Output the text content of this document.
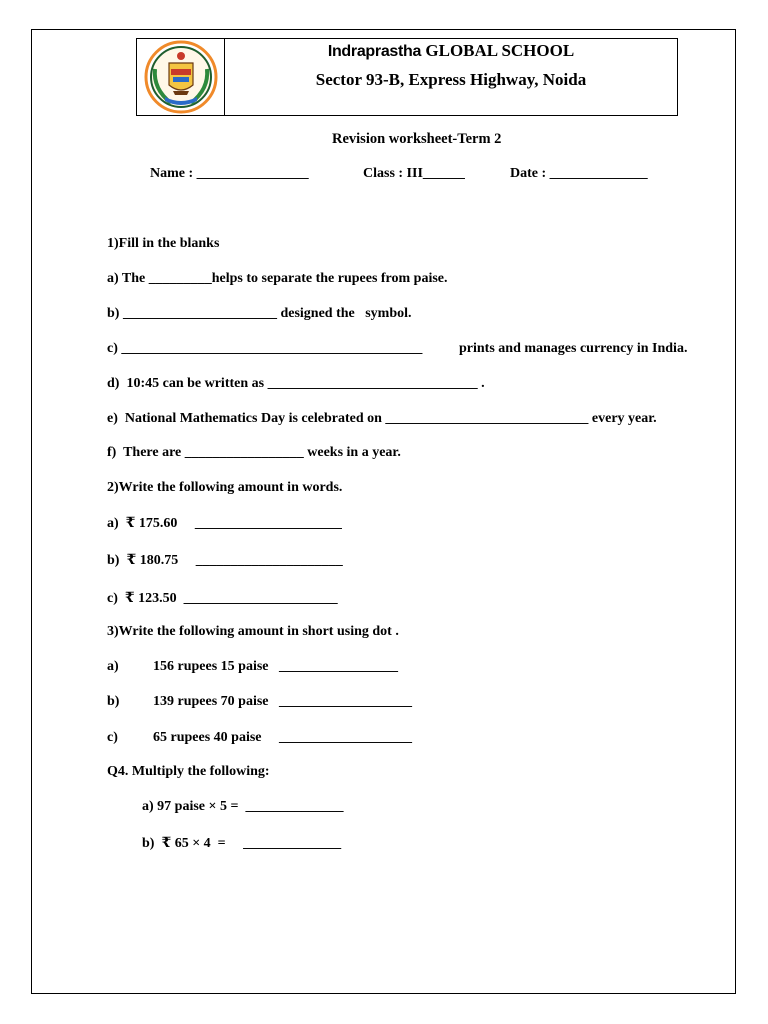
Indraprastha GLOBAL SCHOOL
Sector 93-B, Express Highway, Noida
Revision worksheet-Term 2
Name : ________________	Class : III______	Date : ______________
1)Fill in the blanks
a) The _________helps to separate the rupees from paise.
b) ______________________ designed the   symbol.
c) ___________________________________________	prints and manages currency in India.
d)  10:45 can be written as ______________________________ .
e)  National Mathematics Day is celebrated on _____________________________ every year.
f)  There are _________________ weeks in a year.
2)Write the following amount in words.
a)  ₹ 175.60     _____________________
b)  ₹ 180.75     _____________________
c)  ₹ 123.50  ______________________
3)Write the following amount in short using dot .
a) 156 rupees 15 paise   _________________
b) 139 rupees 70 paise   ___________________
c)	65 rupees 40 paise     ___________________
Q4. Multiply the following:
a) 97 paise × 5 =  ______________
b)  ₹ 65 × 4  =     ______________
